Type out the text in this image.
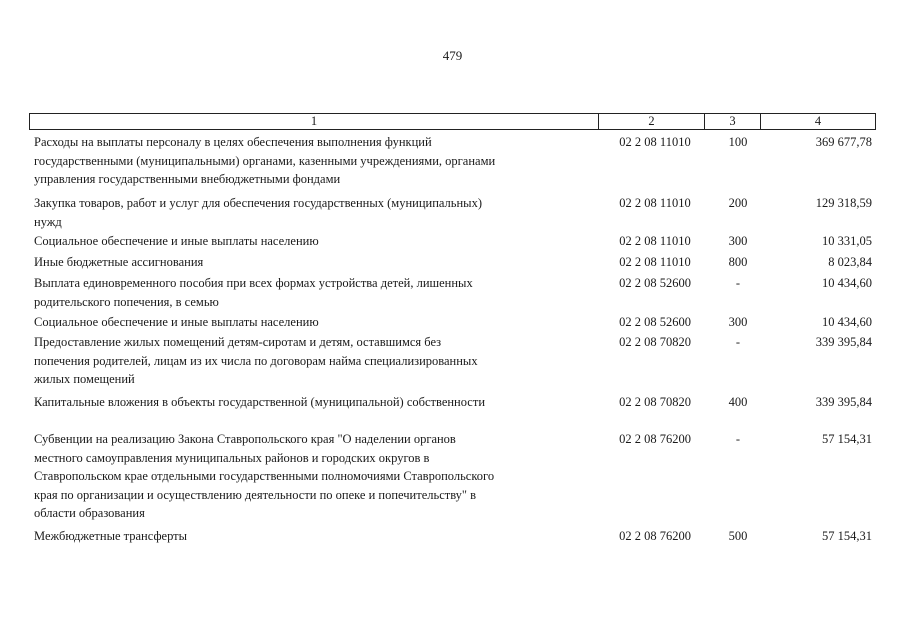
479
1	2	3	4
Расходы на выплаты персоналу в целях обеспечения выполнения функций
государственными (муниципальными) органами, казенными учреждениями, органами
управления государственными внебюджетными фондами
02 2 08 11010	100	369 677,78
Закупка товаров, работ и услуг для обеспечения государственных (муниципальных)
нужд
02 2 08 11010	200	129 318,59
Социальное обеспечение и иные выплаты населению	02 2 08 11010	300	10 331,05
Иные бюджетные ассигнования	02 2 08 11010	800	8 023,84
Выплата единовременного пособия при всех формах устройства детей, лишенных
родительского попечения, в семью
02 2 08 52600	-	10 434,60
Социальное обеспечение и иные выплаты населению	02 2 08 52600	300	10 434,60
Предоставление жилых помещений детям-сиротам и детям, оставшимся без
попечения родителей, лицам из их числа по договорам найма специализированных
жилых помещений
02 2 08 70820	-	339 395,84
Капитальные вложения в объекты государственной (муниципальной) собственности	02 2 08 70820	400	339 395,84
Субвенции на реализацию Закона Ставропольского края "О наделении органов
местного самоуправления муниципальных районов и городских округов в
Ставропольском крае отдельными государственными полномочиями Ставропольского
края по организации и осуществлению деятельности по опеке и попечительству" в
области образования
02 2 08 76200	-	57 154,31
Межбюджетные трансферты	02 2 08 76200	500	57 154,31
